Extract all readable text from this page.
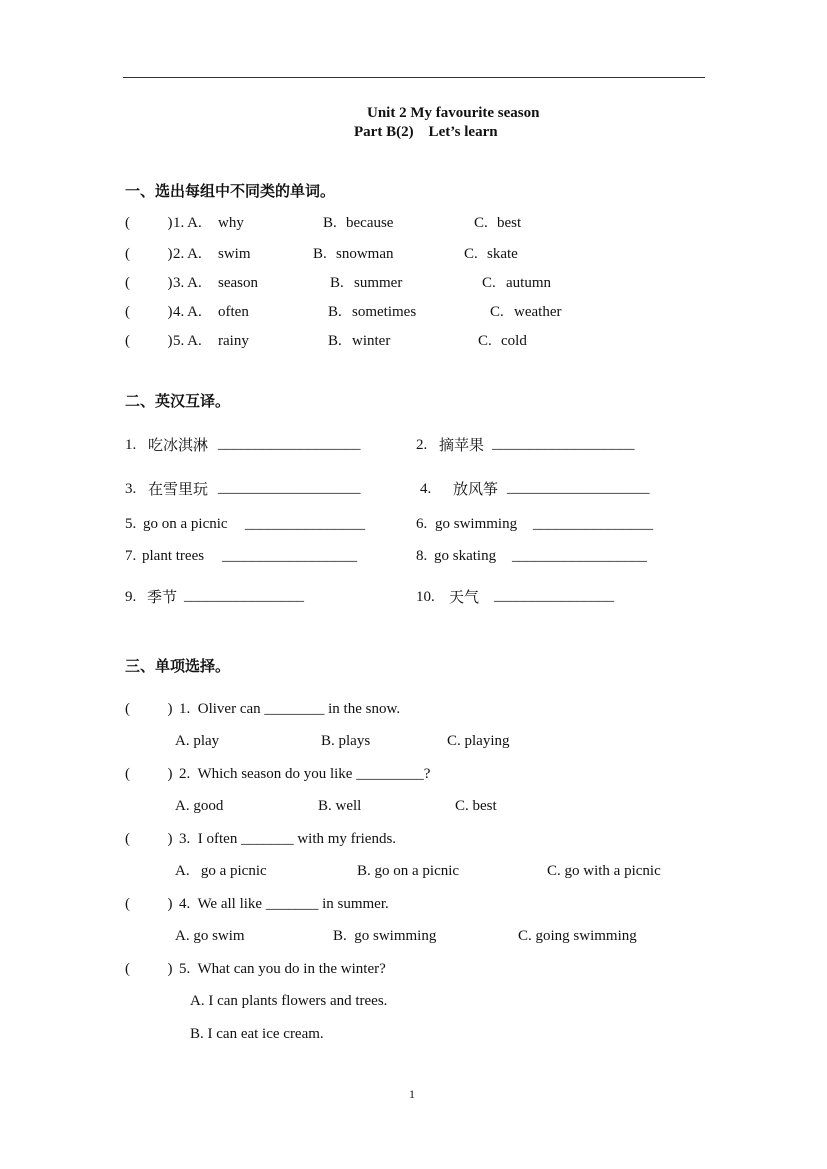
Unit 2 My favourite season
Part B(2)    Let’s learn
一、选出每组中不同类的单词。
(          ) 1. A. why	B. because	C. best
(          ) 2. A. swim	B. snowman	C. skate
(          ) 3. A. season	B. summer	C. autumn
(          ) 4. A. often	B. sometimes	C. weather
(          ) 5. A. rainy	B. winter	C. cold
二、英汉互译。
1. 吃冰淇淋 ___________________	2. 摘苹果 ___________________
3. 在雪里玩 ___________________	4. 放风筝 ___________________
5. go on a picnic ________________	6. go swimming ________________
7. plant trees __________________	8. go skating __________________
9. 季节 ________________	10. 天气 ________________
三、单项选择。
(          ) 1.  Oliver can ________ in the snow.
A. play	B. plays	C. playing
(          ) 2.  Which season do you like _________?
A. good	B. well	C. best
(          ) 3.  I often _______ with my friends.
A.   go a picnic	B. go on a picnic	C. go with a picnic
(          ) 4.  We all like _______ in summer.
A. go swim	B.  go swimming	C. going swimming
(          ) 5.  What can you do in the winter?
A. I can plants flowers and trees.
B. I can eat ice cream.
1
